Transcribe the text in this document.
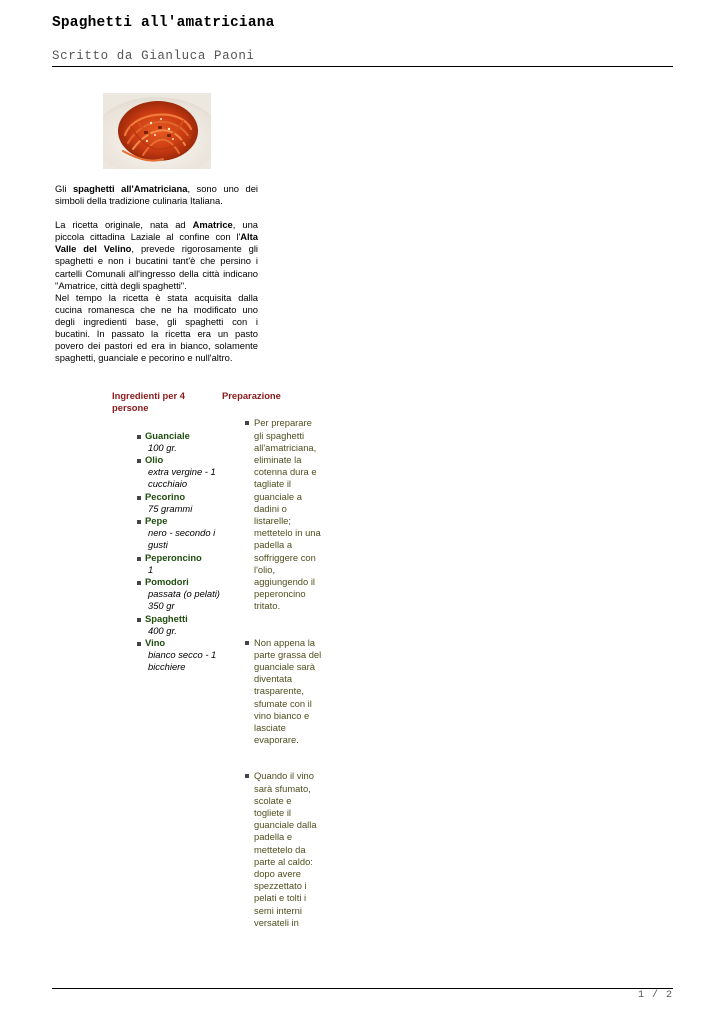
Spaghetti all'amatriciana
Scritto da Gianluca Paoni

Gli spaghetti all'Amatriciana, sono uno dei simboli della tradizione culinaria Italiana.

La ricetta originale, nata ad Amatrice, una piccola cittadina Laziale al confine con l'Alta Valle del Velino, prevede rigorosamente gli spaghetti e non i bucatini tant'è che persino i cartelli Comunali all'ingresso della città indicano "Amatrice, città degli spaghetti".

Nel tempo la ricetta è stata acquisita dalla cucina romanesca che ne ha modificato uno degli ingredienti base, gli spaghetti con i bucatini. In passato la ricetta era un pasto povero dei pastori ed era in bianco, solamente spaghetti, guanciale e pecorino e null'altro.

Ingredienti per 4 persone

Guanciale
100 gr.
Olio
extra vergine - 1 cucchiaio
Pecorino
75 grammi
Pepe
nero - secondo i gusti
Peperoncino
1
Pomodori
passata (o pelati) 350 gr
Spaghetti
400 gr.
Vino
bianco secco - 1 bicchiere

Preparazione

Per preparare gli spaghetti all'amatriciana, eliminate la cotenna dura e tagliate il guanciale a dadini o listarelle; mettetelo in una padella a soffriggere con l'olio, aggiungendo il peperoncino tritato.
Non appena la parte grassa del guanciale sarà diventata trasparente, sfumate con il vino bianco e lasciate evaporare.
Quando il vino sarà sfumato, scolate e togliete il guanciale dalla padella e mettetelo da parte al caldo: dopo avere spezzettato i pelati e tolti i semi interni versateli in
1 / 2
